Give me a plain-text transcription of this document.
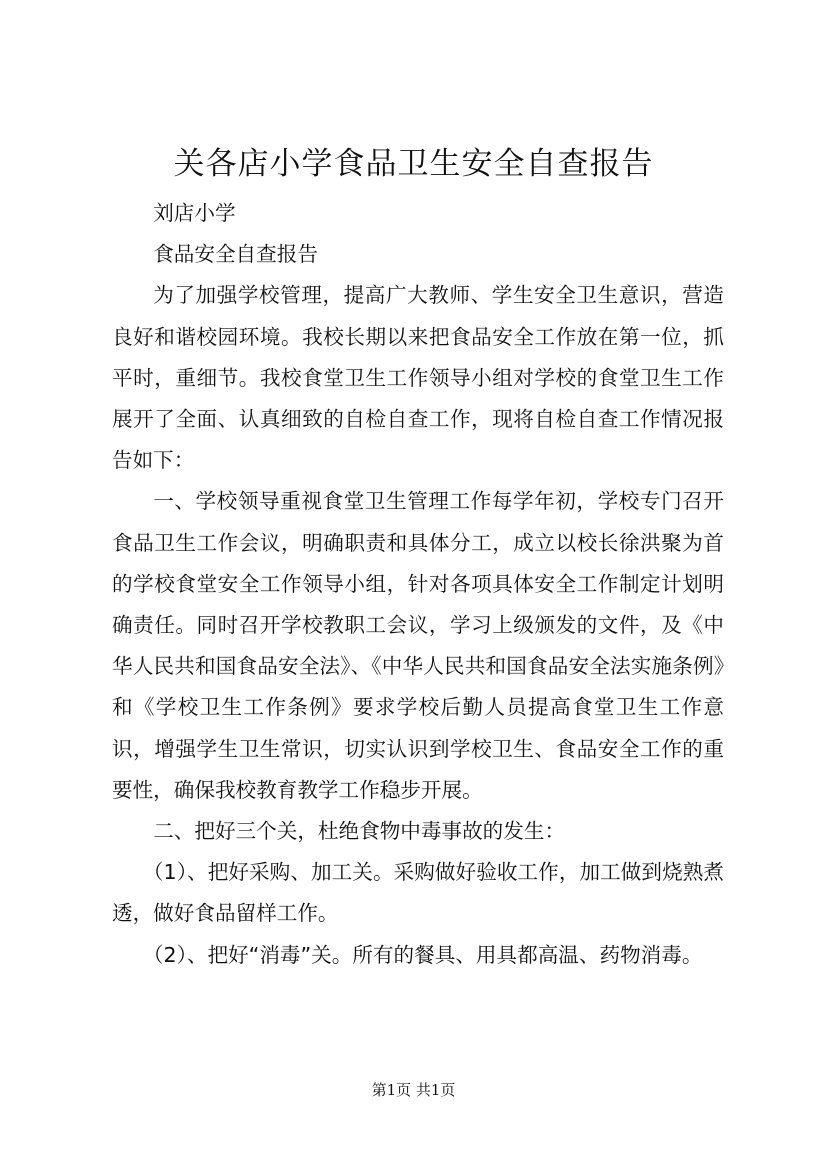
关各店小学食品卫生安全自查报告

刘店小学

食品安全自查报告

为了加强学校管理，提高广大教师、学生安全卫生意识，营造良好和谐校园环境。我校长期以来把食品安全工作放在第一位，抓平时，重细节。我校食堂卫生工作领导小组对学校的食堂卫生工作展开了全面、认真细致的自检自查工作，现将自检自查工作情况报告如下：

一、学校领导重视食堂卫生管理工作每学年初，学校专门召开食品卫生工作会议，明确职责和具体分工，成立以校长徐洪聚为首的学校食堂安全工作领导小组，针对各项具体安全工作制定计划明确责任。同时召开学校教职工会议，学习上级颁发的文件，及《中华人民共和国食品安全法》、《中华人民共和国食品安全法实施条例》和《学校卫生工作条例》要求学校后勤人员提高食堂卫生工作意识，增强学生卫生常识，切实认识到学校卫生、食品安全工作的重要性，确保我校教育教学工作稳步开展。

二、把好三个关，杜绝食物中毒事故的发生：

（1）、把好采购、加工关。采购做好验收工作，加工做到烧熟煮透，做好食品留样工作。

（2）、把好“消毒”关。所有的餐具、用具都高温、药物消毒。

第1页 共1页
